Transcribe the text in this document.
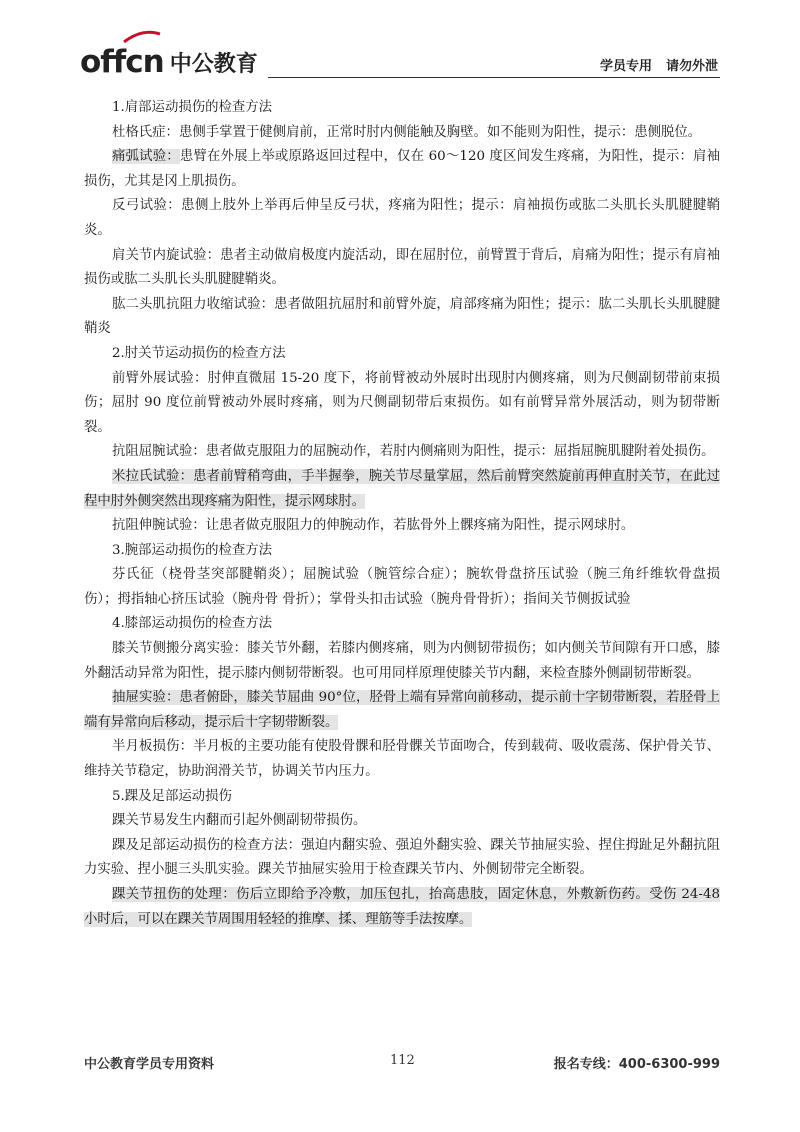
offcn 中公教育	学员专用 请勿外泄

1.肩部运动损伤的检查方法

杜格氏症：患侧手掌置于健侧肩前，正常时肘内侧能触及胸壁。如不能则为阳性，提示：患侧脱位。

痛弧试验：患臂在外展上举或原路返回过程中，仅在 60～120 度区间发生疼痛，为阳性，提示：肩袖损伤，尤其是冈上肌损伤。

反弓试验：患侧上肢外上举再后伸呈反弓状，疼痛为阳性；提示：肩袖损伤或肱二头肌长头肌腱腱鞘炎。

肩关节内旋试验：患者主动做肩极度内旋活动，即在屈肘位，前臂置于背后，肩痛为阳性；提示有肩袖损伤或肱二头肌长头肌腱腱鞘炎。

肱二头肌抗阻力收缩试验：患者做阻抗屈肘和前臂外旋，肩部疼痛为阳性；提示：肱二头肌长头肌腱腱鞘炎

2.肘关节运动损伤的检查方法

前臂外展试验：肘伸直微屈 15-20 度下，将前臂被动外展时出现肘内侧疼痛，则为尺侧副韧带前束损伤；屈肘 90 度位前臂被动外展时疼痛，则为尺侧副韧带后束损伤。如有前臂异常外展活动，则为韧带断裂。

抗阻屈腕试验：患者做克服阻力的屈腕动作，若肘内侧痛则为阳性，提示：屈指屈腕肌腱附着处损伤。

米拉氏试验：患者前臂稍弯曲，手半握拳，腕关节尽量掌屈，然后前臂突然旋前再伸直肘关节，在此过程中肘外侧突然出现疼痛为阳性，提示网球肘。

抗阻伸腕试验：让患者做克服阻力的伸腕动作，若肱骨外上髁疼痛为阳性，提示网球肘。

3.腕部运动损伤的检查方法

芬氏征（桡骨茎突部腱鞘炎）；屈腕试验（腕管综合症）；腕软骨盘挤压试验（腕三角纤维软骨盘损伤）；拇指轴心挤压试验（腕舟骨 骨折）；掌骨头扣击试验（腕舟骨骨折）；指间关节侧扳试验

4.膝部运动损伤的检查方法

膝关节侧搬分离实验：膝关节外翻，若膝内侧疼痛，则为内侧韧带损伤；如内侧关节间隙有开口感，膝外翻活动异常为阳性，提示膝内侧韧带断裂。也可用同样原理使膝关节内翻，来检查膝外侧副韧带断裂。

抽屉实验：患者俯卧，膝关节屈曲 90°位，胫骨上端有异常向前移动，提示前十字韧带断裂，若胫骨上端有异常向后移动，提示后十字韧带断裂。

半月板损伤：半月板的主要功能有使股骨髁和胫骨髁关节面吻合，传到载荷、吸收震荡、保护骨关节、维持关节稳定，协助润滑关节，协调关节内压力。

5.踝及足部运动损伤

踝关节易发生内翻而引起外侧副韧带损伤。

踝及足部运动损伤的检查方法：强迫内翻实验、强迫外翻实验、踝关节抽屉实验、捏住拇趾足外翻抗阻力实验、捏小腿三头肌实验。踝关节抽屉实验用于检查踝关节内、外侧韧带完全断裂。

踝关节扭伤的处理：伤后立即给予冷敷，加压包扎，抬高患肢，固定休息，外敷新伤药。受伤 24-48 小时后，可以在踝关节周围用轻轻的推摩、揉、理筋等手法按摩。

中公教育学员专用资料	112	报名专线：400-6300-999
